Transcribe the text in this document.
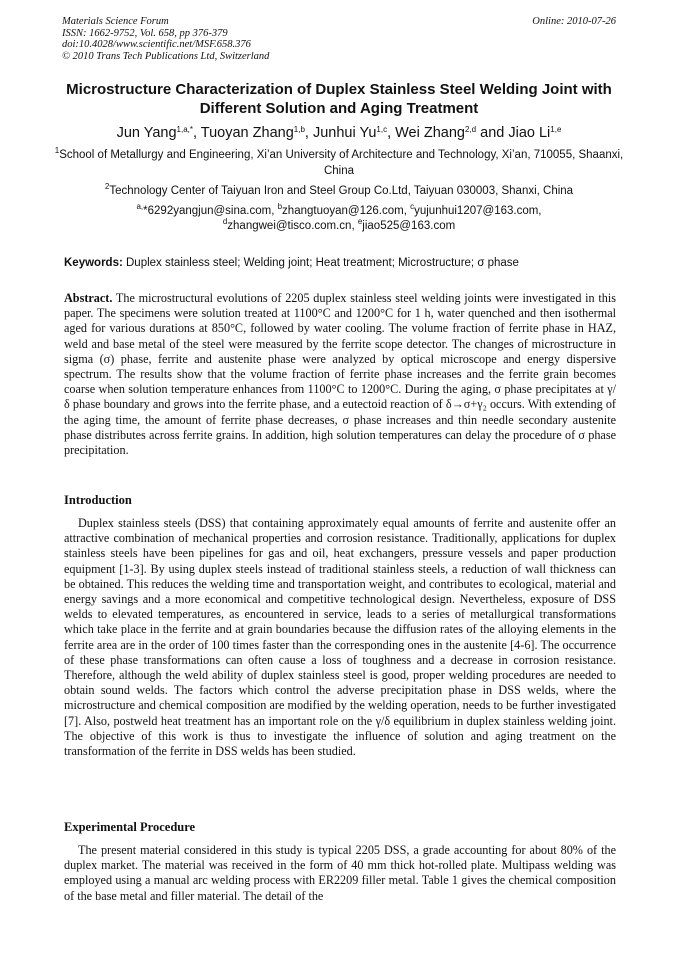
Materials Science Forum
ISSN: 1662-9752, Vol. 658, pp 376-379
doi:10.4028/www.scientific.net/MSF.658.376
© 2010 Trans Tech Publications Ltd, Switzerland
Online: 2010-07-26
Microstructure Characterization of Duplex Stainless Steel Welding Joint with Different Solution and Aging Treatment
Jun Yang$^{1,a,*}$, Tuoyan Zhang$^{1,b}$, Junhui Yu$^{1,c}$, Wei Zhang$^{2,d}$ and Jiao Li$^{1,e}$
$^1$School of Metallurgy and Engineering, Xi’an University of Architecture and Technology, Xi’an, 710055, Shaanxi, China
$^2$Technology Center of Taiyuan Iron and Steel Group Co.Ltd, Taiyuan 030003, Shanxi, China
$^{a,}$*6292yangjun@sina.com, $^b$zhangtuoyan@126.com, $^c$yujunhui1207@163.com,
$^d$zhangwei@tisco.com.cn, $^e$jiao525@163.com
Keywords: Duplex stainless steel; Welding joint; Heat treatment; Microstructure; σ phase
Abstract. The microstructural evolutions of 2205 duplex stainless steel welding joints were investigated in this paper. The specimens were solution treated at 1100°C and 1200°C for 1 h, water quenched and then isothermal aged for various durations at 850°C, followed by water cooling. The volume fraction of ferrite phase in HAZ, weld and base metal of the steel were measured by the ferrite scope detector. The changes of microstructure in sigma (σ) phase, ferrite and austenite phase were analyzed by optical microscope and energy dispersive spectrum. The results show that the volume fraction of ferrite phase increases and the ferrite grain becomes coarse when solution temperature enhances from 1100°C to 1200°C. During the aging, σ phase precipitates at γ/δ phase boundary and grows into the ferrite phase, and a eutectoid reaction of δ→σ+γ₂ occurs. With extending of the aging time, the amount of ferrite phase decreases, σ phase increases and thin needle secondary austenite phase distributes across ferrite grains. In addition, high solution temperatures can delay the procedure of σ phase precipitation.
Introduction
Duplex stainless steels (DSS) that containing approximately equal amounts of ferrite and austenite offer an attractive combination of mechanical properties and corrosion resistance. Traditionally, applications for duplex stainless steels have been pipelines for gas and oil, heat exchangers, pressure vessels and paper production equipment [1-3]. By using duplex steels instead of traditional stainless steels, a reduction of wall thickness can be obtained. This reduces the welding time and transportation weight, and contributes to ecological, material and energy savings and a more economical and competitive technological design. Nevertheless, exposure of DSS welds to elevated temperatures, as encountered in service, leads to a series of metallurgical transformations which take place in the ferrite and at grain boundaries because the diffusion rates of the alloying elements in the ferrite area are in the order of 100 times faster than the corresponding ones in the austenite [4-6]. The occurrence of these phase transformations can often cause a loss of toughness and a decrease in corrosion resistance. Therefore, although the weld ability of duplex stainless steel is good, proper welding procedures are needed to obtain sound welds. The factors which control the adverse precipitation phase in DSS welds, where the microstructure and chemical composition are modified by the welding operation, needs to be further investigated [7]. Also, postweld heat treatment has an important role on the γ/δ equilibrium in duplex stainless welding joint. The objective of this work is thus to investigate the influence of solution and aging treatment on the transformation of the ferrite in DSS welds has been studied.
Experimental Procedure
The present material considered in this study is typical 2205 DSS, a grade accounting for about 80% of the duplex market. The material was received in the form of 40 mm thick hot-rolled plate. Multipass welding was employed using a manual arc welding process with ER2209 filler metal. Table 1 gives the chemical composition of the base metal and filler material. The detail of the
